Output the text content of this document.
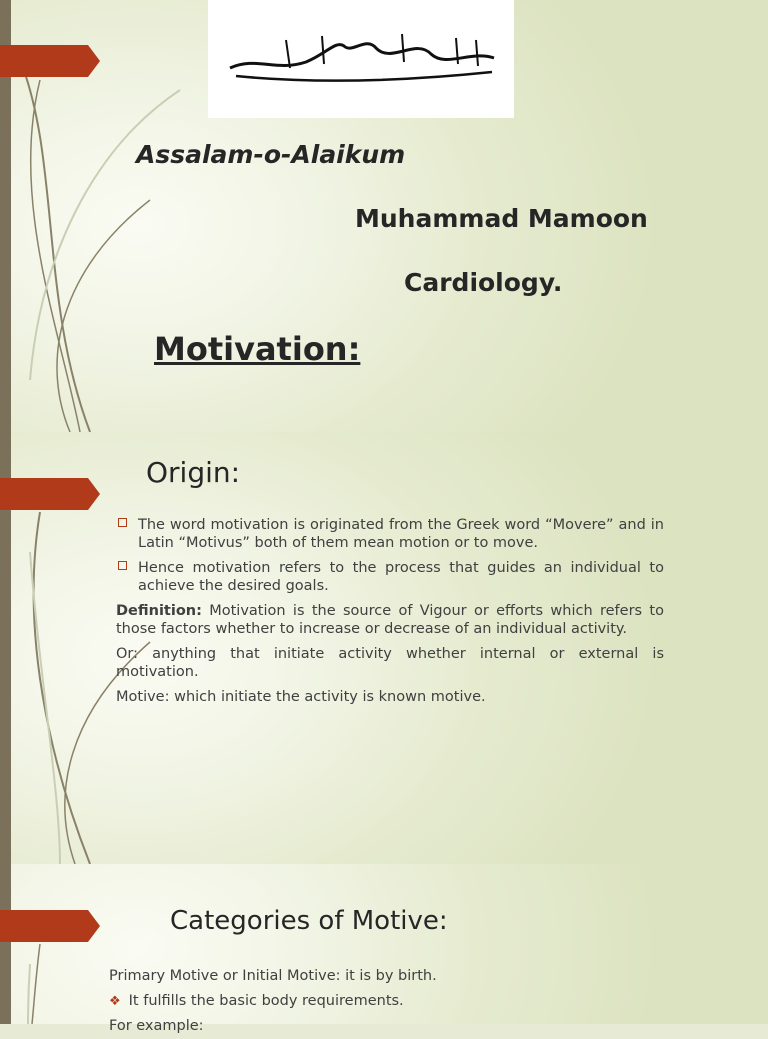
بسم الله الرحمن الرحیم
Assalam-o-Alaikum
Muhammad Mamoon
Cardiology.
Motivation:
Origin:
The word motivation is originated from the Greek word “Movere” and in Latin “Motivus” both of them mean motion or to move.
Hence motivation refers to the process that guides an individual to achieve the desired goals.
Definition: Motivation is the source of Vigour or efforts which refers to those factors whether to increase or decrease of an individual activity.
Or: anything that initiate activity whether internal or external is motivation.
Motive: which initiate the activity is known motive.
Categories of Motive:
Primary Motive or Initial Motive: it is by birth.
❖ It fulfills the basic body requirements.
For example:
